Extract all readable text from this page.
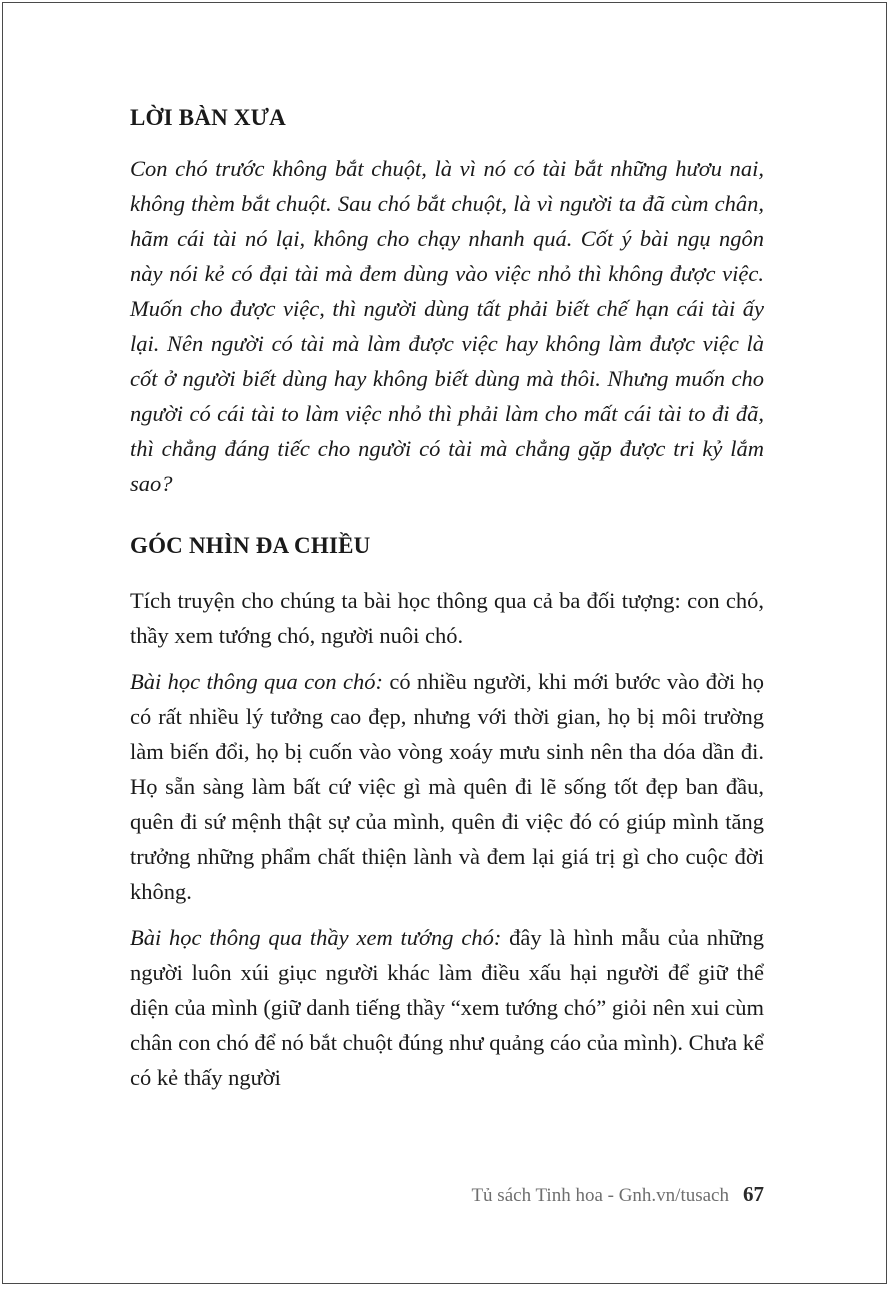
LỜI BÀN XƯA

Con chó trước không bắt chuột, là vì nó có tài bắt những hươu nai, không thèm bắt chuột. Sau chó bắt chuột, là vì người ta đã cùm chân, hãm cái tài nó lại, không cho chạy nhanh quá. Cốt ý bài ngụ ngôn này nói kẻ có đại tài mà đem dùng vào việc nhỏ thì không được việc. Muốn cho được việc, thì người dùng tất phải biết chế hạn cái tài ấy lại. Nên người có tài mà làm được việc hay không làm được việc là cốt ở người biết dùng hay không biết dùng mà thôi. Nhưng muốn cho người có cái tài to làm việc nhỏ thì phải làm cho mất cái tài to đi đã, thì chẳng đáng tiếc cho người có tài mà chẳng gặp được tri kỷ lắm sao?

GÓC NHÌN ĐA CHIỀU

Tích truyện cho chúng ta bài học thông qua cả ba đối tượng: con chó, thầy xem tướng chó, người nuôi chó.

Bài học thông qua con chó: có nhiều người, khi mới bước vào đời họ có rất nhiều lý tưởng cao đẹp, nhưng với thời gian, họ bị môi trường làm biến đổi, họ bị cuốn vào vòng xoáy mưu sinh nên tha dóa dần đi. Họ sẵn sàng làm bất cứ việc gì mà quên đi lẽ sống tốt đẹp ban đầu, quên đi sứ mệnh thật sự của mình, quên đi việc đó có giúp mình tăng trưởng những phẩm chất thiện lành và đem lại giá trị gì cho cuộc đời không.

Bài học thông qua thầy xem tướng chó: đây là hình mẫu của những người luôn xúi giục người khác làm điều xấu hại người để giữ thể diện của mình (giữ danh tiếng thầy “xem tướng chó” giỏi nên xui cùm chân con chó để nó bắt chuột đúng như quảng cáo của mình). Chưa kể có kẻ thấy người

Tủ sách Tinh hoa - Gnh.vn/tusach 67
